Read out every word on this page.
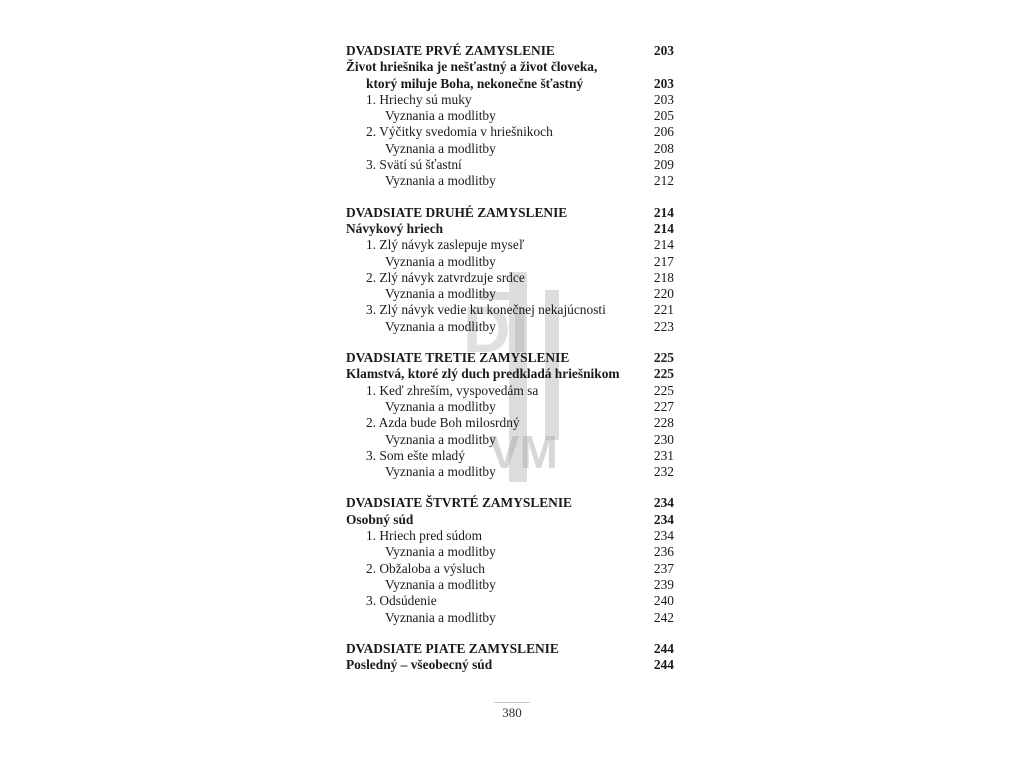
DI
VM
DVADSIATE PRVÉ ZAMYSLENIE	203
Život hriešnika je nešťastný a život človeka,
ktorý miluje Boha, nekonečne šťastný	203
1. Hriechy sú muky	203
Vyznania a modlitby	205
2. Výčitky svedomia v hriešnikoch	206
Vyznania a modlitby	208
3. Svätí sú šťastní	209
Vyznania a modlitby	212
DVADSIATE DRUHÉ ZAMYSLENIE	214
Návykový hriech	214
1. Zlý návyk zaslepuje myseľ	214
Vyznania a modlitby	217
2. Zlý návyk zatvrdzuje srdce	218
Vyznania a modlitby	220
3. Zlý návyk vedie ku konečnej nekajúcnosti	221
Vyznania a modlitby	223
DVADSIATE TRETIE ZAMYSLENIE	225
Klamstvá, ktoré zlý duch predkladá hriešnikom	225
1. Keď zhreším, vyspovedám sa	225
Vyznania a modlitby	227
2. Azda bude Boh milosrdný	228
Vyznania a modlitby	230
3. Som ešte mladý	231
Vyznania a modlitby	232
DVADSIATE ŠTVRTÉ ZAMYSLENIE	234
Osobný súd	234
1. Hriech pred súdom	234
Vyznania a modlitby	236
2. Obžaloba a výsluch	237
Vyznania a modlitby	239
3. Odsúdenie	240
Vyznania a modlitby	242
DVADSIATE PIATE ZAMYSLENIE	244
Posledný – všeobecný súd	244
380
